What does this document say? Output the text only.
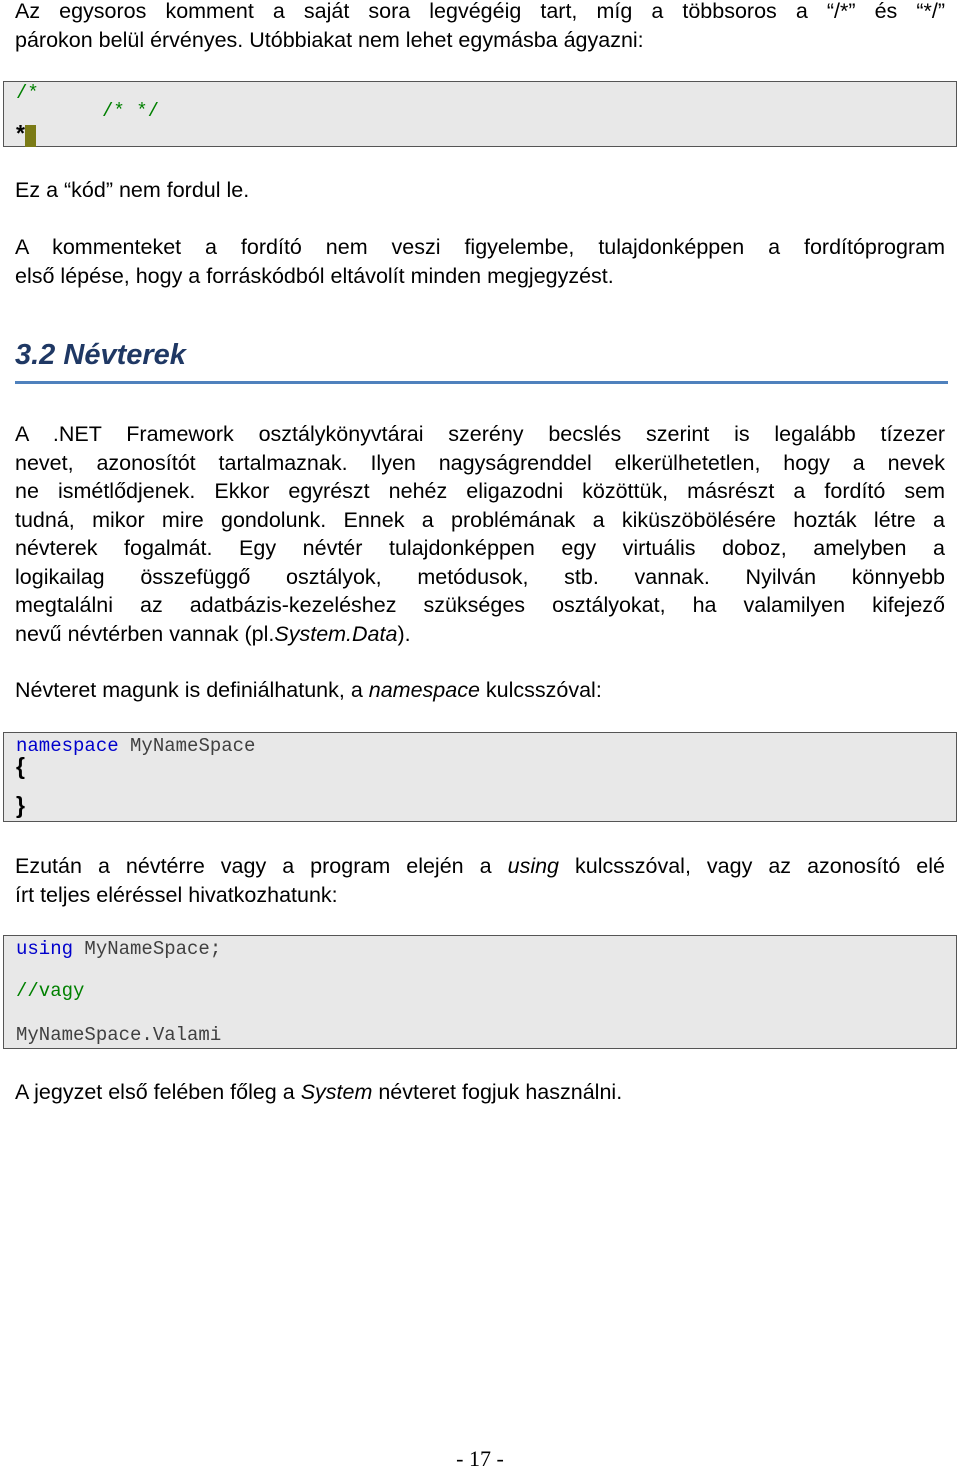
Az egysoros komment a saját sora legvégéig tart, míg a többsoros a “/*” és “*/”
párokon belül érvényes. Utóbbiakat nem lehet egymásba ágyazni:
/*
/* */
*/
Ez a “kód” nem fordul le.
A kommenteket a fordító nem veszi figyelembe, tulajdonképpen a fordítóprogram
első lépése, hogy a forráskódból eltávolít minden megjegyzést.
3.2 Névterek
A .NET Framework osztálykönyvtárai szerény becslés szerint is legalább tízezer
nevet, azonosítót tartalmaznak. Ilyen nagyságrenddel elkerülhetetlen, hogy a nevek
ne ismétlődjenek. Ekkor egyrészt nehéz eligazodni közöttük, másrészt a fordító sem
tudná, mikor mire gondolunk. Ennek a problémának a kiküszöbölésére hozták létre a
névterek fogalmát. Egy névtér tulajdonképpen egy virtuális doboz, amelyben a
logikailag összefüggő osztályok, metódusok, stb. vannak. Nyilván könnyebb
megtalálni az adatbázis-kezeléshez szükséges osztályokat, ha valamilyen kifejező
nevű névtérben vannak (pl.System.Data).
Névteret magunk is definiálhatunk, a namespace kulcsszóval:
namespace MyNameSpace
{
}
Ezután a névtérre vagy a program elején a using kulcsszóval, vagy az azonosító elé
írt teljes eléréssel hivatkozhatunk:
using MyNameSpace;
//vagy
MyNameSpace.Valami
A jegyzet első felében főleg a System névteret fogjuk használni.
- 17 -
